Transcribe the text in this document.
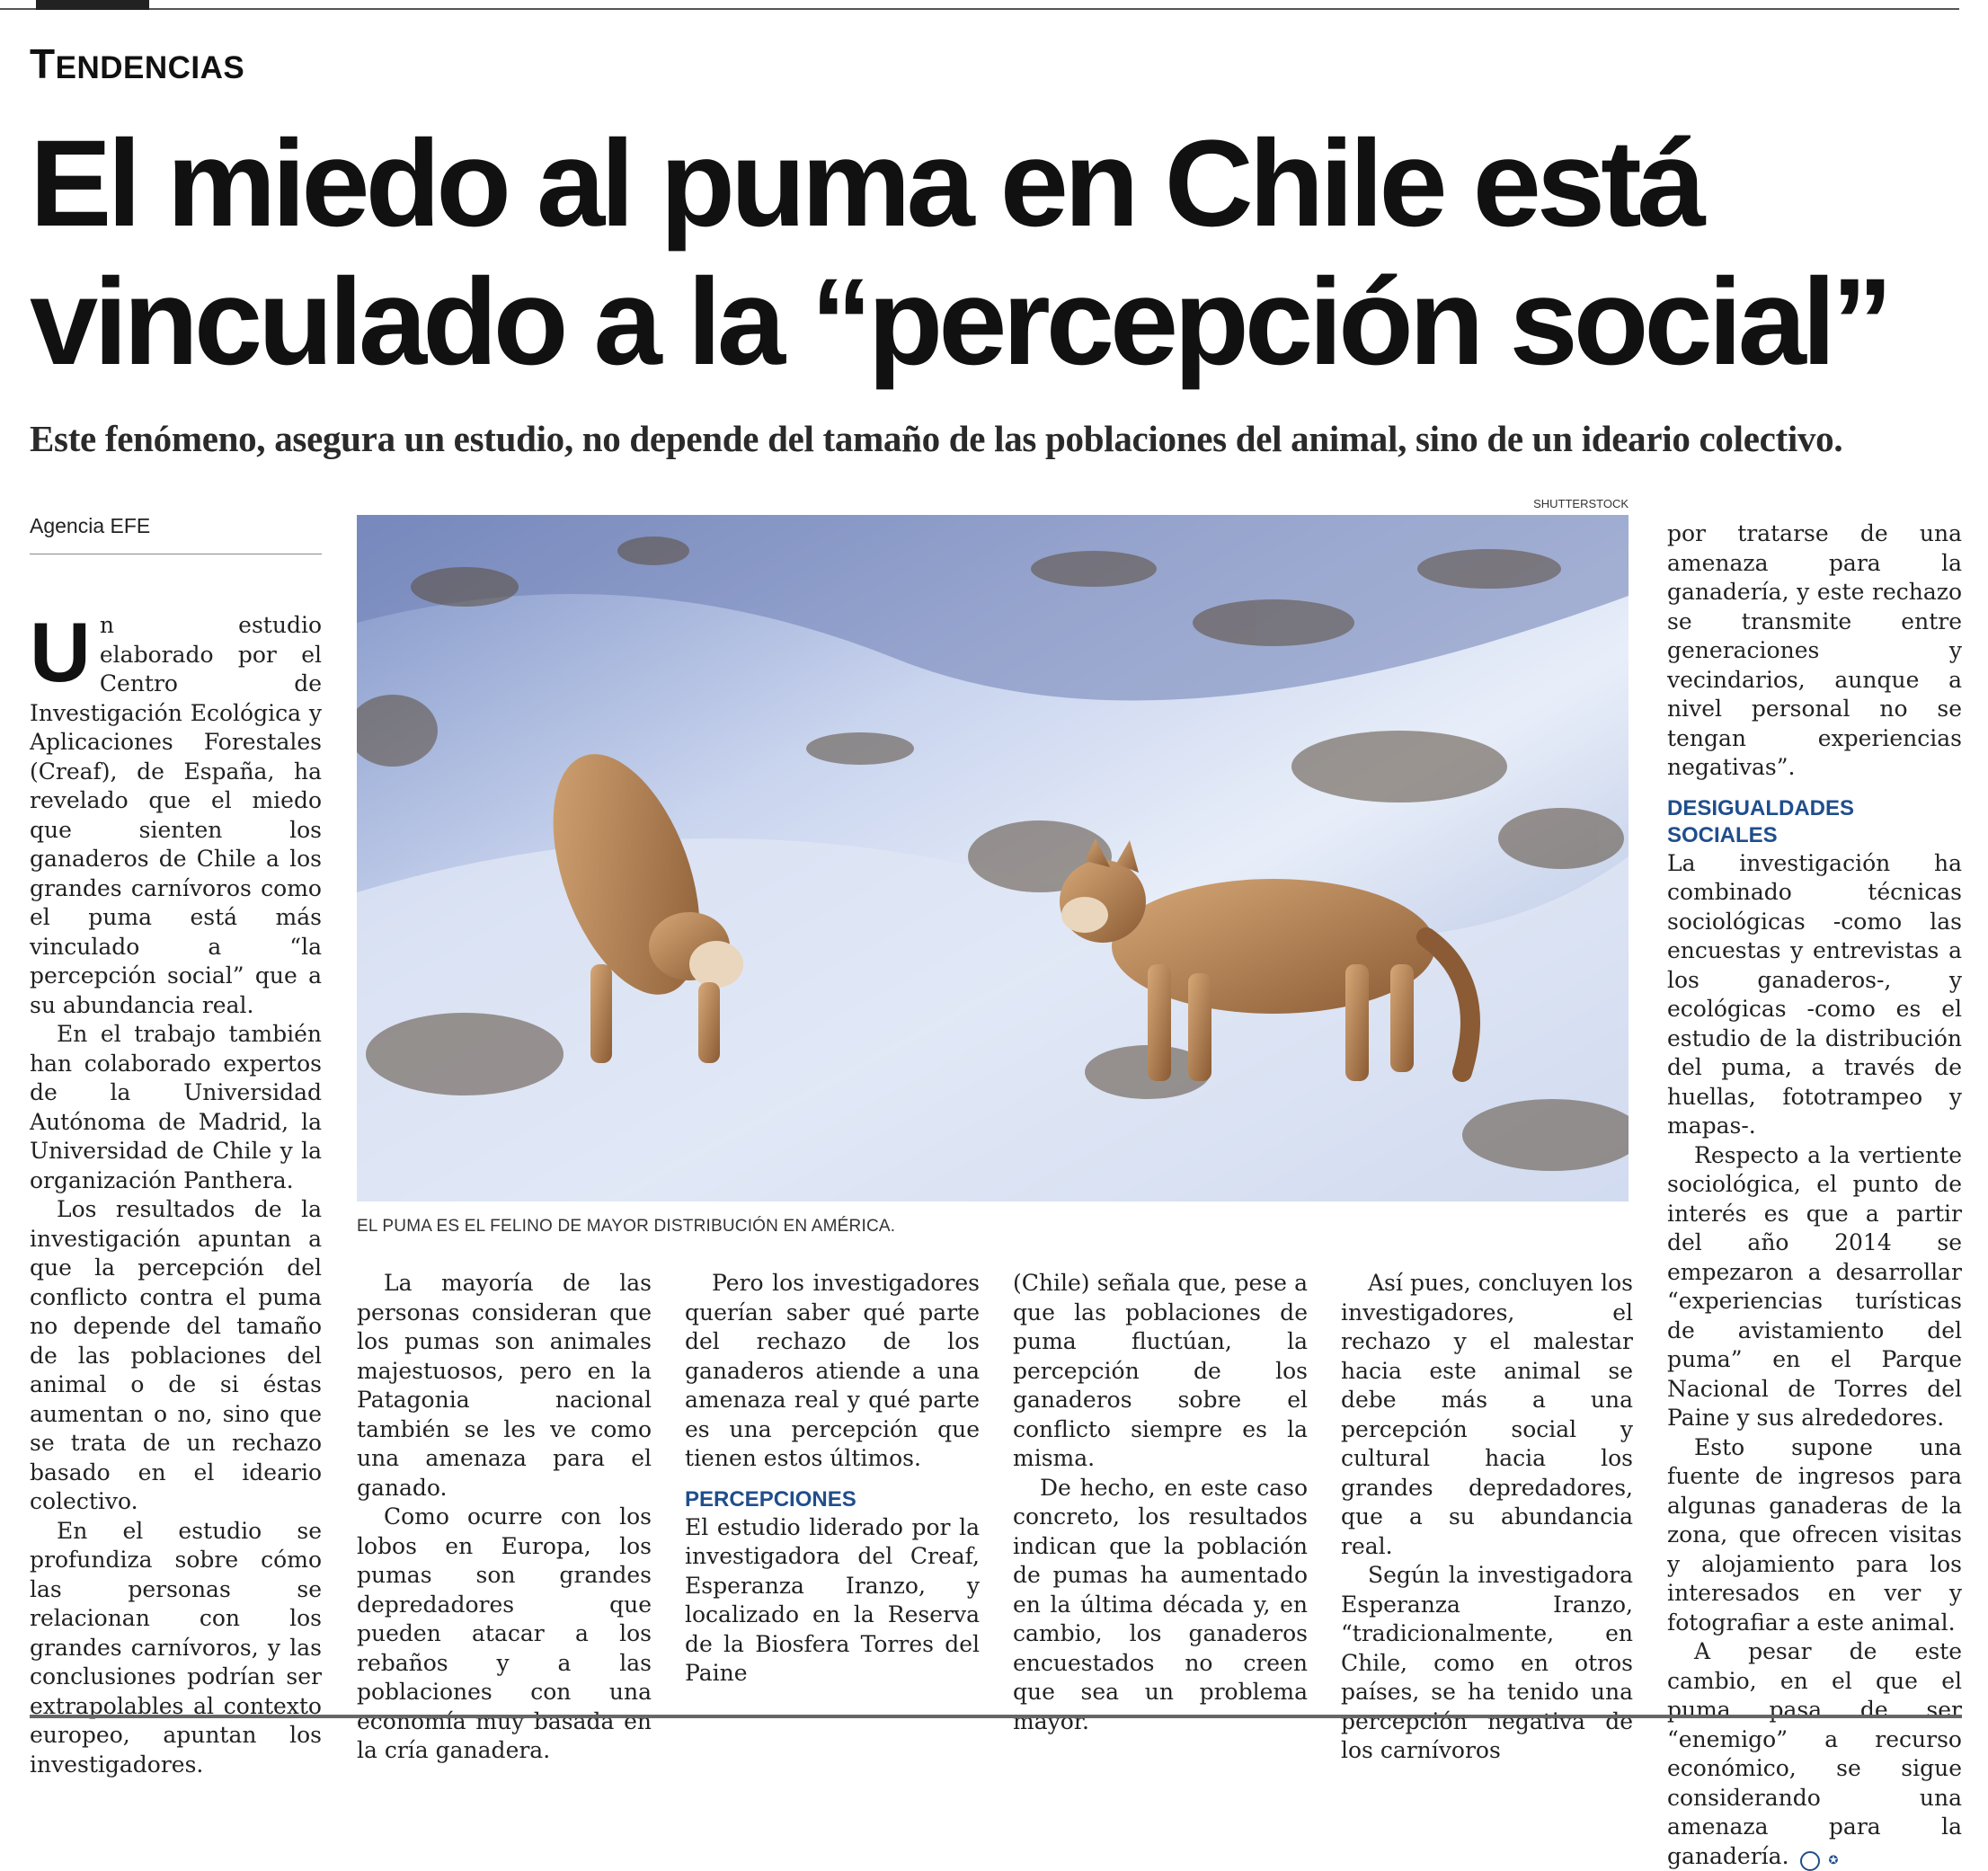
TENDENCIAS
El miedo al puma en Chile está
vinculado a la “percepción social”
Este fenómeno, asegura un estudio, no depende del tamaño de las poblaciones del animal, sino de un ideario colectivo.
Agencia EFE
SHUTTERSTOCK
EL PUMA ES EL FELINO DE MAYOR DISTRIBUCIÓN EN AMÉRICA.

Un estudio elaborado por el Centro de Investigación Ecológica y Aplicaciones Forestales (Creaf), de España, ha revelado que el miedo que sienten los ganaderos de Chile a los grandes carnívoros como el puma está más vinculado a “la percepción social” que a su abundancia real.

En el trabajo también han colaborado expertos de la Universidad Autónoma de Madrid, la Universidad de Chile y la organización Panthera.

Los resultados de la investigación apuntan a que la percepción del conflicto contra el puma no depende del tamaño de las poblaciones del animal o de si éstas aumentan o no, sino que se trata de un rechazo basado en el ideario colectivo.

En el estudio se profundiza sobre cómo las personas se relacionan con los grandes carnívoros, y las conclusiones podrían ser extrapolables al contexto europeo, apuntan los investigadores.

La mayoría de las personas consideran que los pumas son animales majestuosos, pero en la Patagonia nacional también se les ve como una amenaza para el ganado.

Como ocurre con los lobos en Europa, los pumas son grandes depredadores que pueden atacar a los rebaños y a las poblaciones con una economía muy basada en la cría ganadera.

Pero los investigadores querían saber qué parte del rechazo de los ganaderos atiende a una amenaza real y qué parte es una percepción que tienen estos últimos.

PERCEPCIONES

El estudio liderado por la investigadora del Creaf, Esperanza Iranzo, y localizado en la Reserva de la Biosfera Torres del Paine

(Chile) señala que, pese a que las poblaciones de puma fluctúan, la percepción de los ganaderos sobre el conflicto siempre es la misma.

De hecho, en este caso concreto, los resultados indican que la población de pumas ha aumentado en la última década y, en cambio, los ganaderos encuestados no creen que sea un problema mayor.

Así pues, concluyen los investigadores, el rechazo y el malestar hacia este animal se debe más a una percepción social y cultural hacia los grandes depredadores, que a su abundancia real.

Según la investigadora Esperanza Iranzo, “tradicionalmente, en Chile, como en otros países, se ha tenido una percepción negativa de los carnívoros

por tratarse de una amenaza para la ganadería, y este rechazo se transmite entre generaciones y vecindarios, aunque a nivel personal no se tengan experiencias negativas”.

DESIGUALDADES SOCIALES

La investigación ha combinado técnicas sociológicas -como las encuestas y entrevistas a los ganaderos-, y ecológicas -como es el estudio de la distribución del puma, a través de huellas, fototrampeo y mapas-.

Respecto a la vertiente sociológica, el punto de interés es que a partir del año 2014 se empezaron a desarrollar “experiencias turísticas de avistamiento del puma” en el Parque Nacional de Torres del Paine y sus alrededores.

Esto supone una fuente de ingresos para algunas ganaderas de la zona, que ofrecen visitas y alojamiento para los interesados en ver y fotografiar a este animal.

A pesar de este cambio, en el que el puma pasa de ser “enemigo” a recurso económico, se sigue considerando una amenaza para la ganadería.	✪
